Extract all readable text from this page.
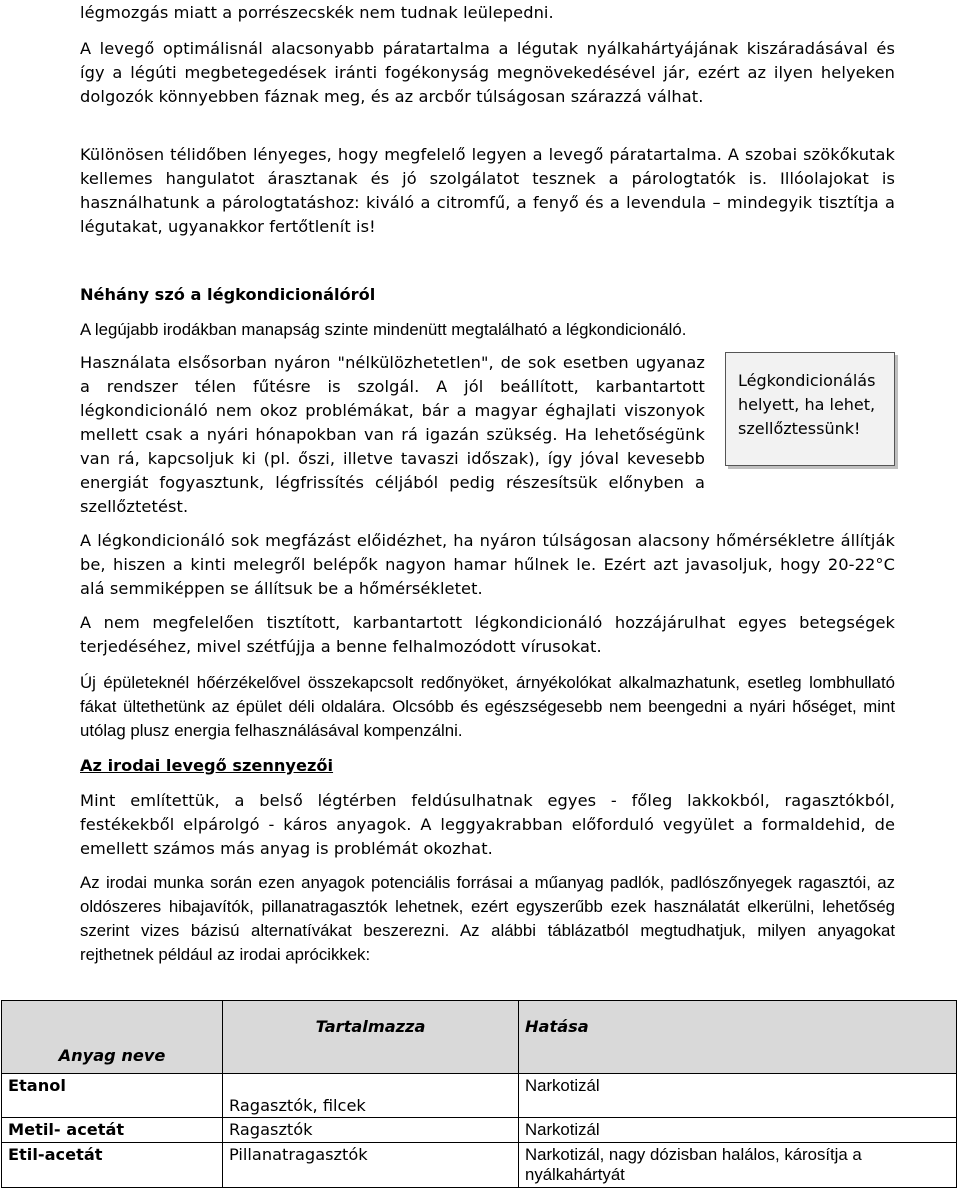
légmozgás miatt a porrészecskék nem tudnak leülepedni.

A levegő optimálisnál alacsonyabb páratartalma a légutak nyálkahártyájának kiszáradásával és így a légúti megbetegedések iránti fogékonyság megnövekedésével jár, ezért az ilyen helyeken dolgozók könnyebben fáznak meg, és az arcbőr túlságosan szárazzá válhat.

Különösen télidőben lényeges, hogy megfelelő legyen a levegő páratartalma. A szobai szökőkutak kellemes hangulatot árasztanak és jó szolgálatot tesznek a párologtatók is. Illóolajokat is használhatunk a párologtatáshoz: kiváló a citromfű, a fenyő és a levendula – mindegyik tisztítja a légutakat, ugyanakkor fertőtlenít is!

Néhány szó a légkondicionálóról

A legújabb irodákban manapság szinte mindenütt megtalálható a légkondicionáló.

Légkondicionálás
helyett, ha lehet,
szellőztessünk!

Használata elsősorban nyáron "nélkülözhetetlen", de sok esetben ugyanaz a rendszer télen fűtésre is szolgál. A jól beállított, karbantartott légkondicionáló nem okoz problémákat, bár a magyar éghajlati viszonyok mellett csak a nyári hónapokban van rá igazán szükség. Ha lehetőségünk van rá, kapcsoljuk ki (pl. őszi, illetve tavaszi időszak), így jóval kevesebb energiát fogyasztunk, légfrissítés céljából pedig részesítsük előnyben a szellőztetést.

A légkondicionáló sok megfázást előidézhet, ha nyáron túlságosan alacsony hőmérsékletre állítják be, hiszen a kinti melegről belépők nagyon hamar hűlnek le. Ezért azt javasoljuk, hogy 20-22°C alá semmiképpen se állítsuk be a hőmérsékletet.

A nem megfelelően tisztított, karbantartott légkondicionáló hozzájárulhat egyes betegségek terjedéséhez, mivel szétfújja a benne felhalmozódott vírusokat.

Új épületeknél hőérzékelővel összekapcsolt redőnyöket, árnyékolókat alkalmazhatunk, esetleg lombhullató fákat ültethetünk az épület déli oldalára. Olcsóbb és egészségesebb nem beengedni a nyári hőséget, mint utólag plusz energia felhasználásával kompenzálni.

Az irodai levegő szennyezői

Mint említettük, a belső légtérben feldúsulhatnak egyes - főleg lakkokból, ragasztókból, festékekből elpárolgó - káros anyagok. A leggyakrabban előforduló vegyület a formaldehid, de emellett számos más anyag is problémát okozhat.

Az irodai munka során ezen anyagok potenciális forrásai a műanyag padlók, padlószőnyegek ragasztói, az oldószeres hibajavítók, pillanatragasztók lehetnek, ezért egyszerűbb ezek használatát elkerülni, lehetőség szerint vizes bázisú alternatívákat beszerezni. Az alábbi táblázatból megtudhatjuk, milyen anyagokat rejthetnek például az irodai aprócikkek:

Anyag neve	Tartalmazza	Hatása
Etanol	Ragasztók, filcek	Narkotizál
Metil- acetát	Ragasztók	Narkotizál
Etil-acetát	Pillanatragasztók	Narkotizál, nagy dózisban halálos, károsítja a nyálkahártyát
